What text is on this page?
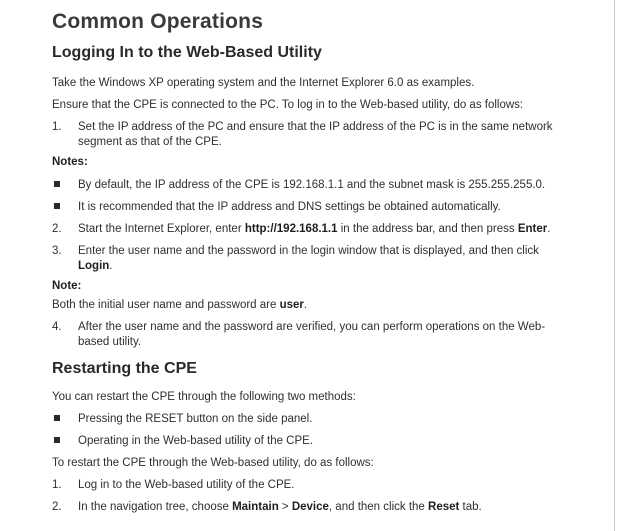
Common Operations
Logging In to the Web-Based Utility
Take the Windows XP operating system and the Internet Explorer 6.0 as examples.
Ensure that the CPE is connected to the PC. To log in to the Web-based utility, do as follows:
1.	Set the IP address of the PC and ensure that the IP address of the PC is in the same network segment as that of the CPE.
Notes:
By default, the IP address of the CPE is 192.168.1.1 and the subnet mask is 255.255.255.0.
It is recommended that the IP address and DNS settings be obtained automatically.
2.	Start the Internet Explorer, enter http://192.168.1.1 in the address bar, and then press Enter.
3.	Enter the user name and the password in the login window that is displayed, and then click Login.
Note:
Both the initial user name and password are user.
4.	After the user name and the password are verified, you can perform operations on the Web-based utility.
Restarting the CPE
You can restart the CPE through the following two methods:
Pressing the RESET button on the side panel.
Operating in the Web-based utility of the CPE.
To restart the CPE through the Web-based utility, do as follows:
1.	Log in to the Web-based utility of the CPE.
2.	In the navigation tree, choose Maintain > Device, and then click the Reset tab.
